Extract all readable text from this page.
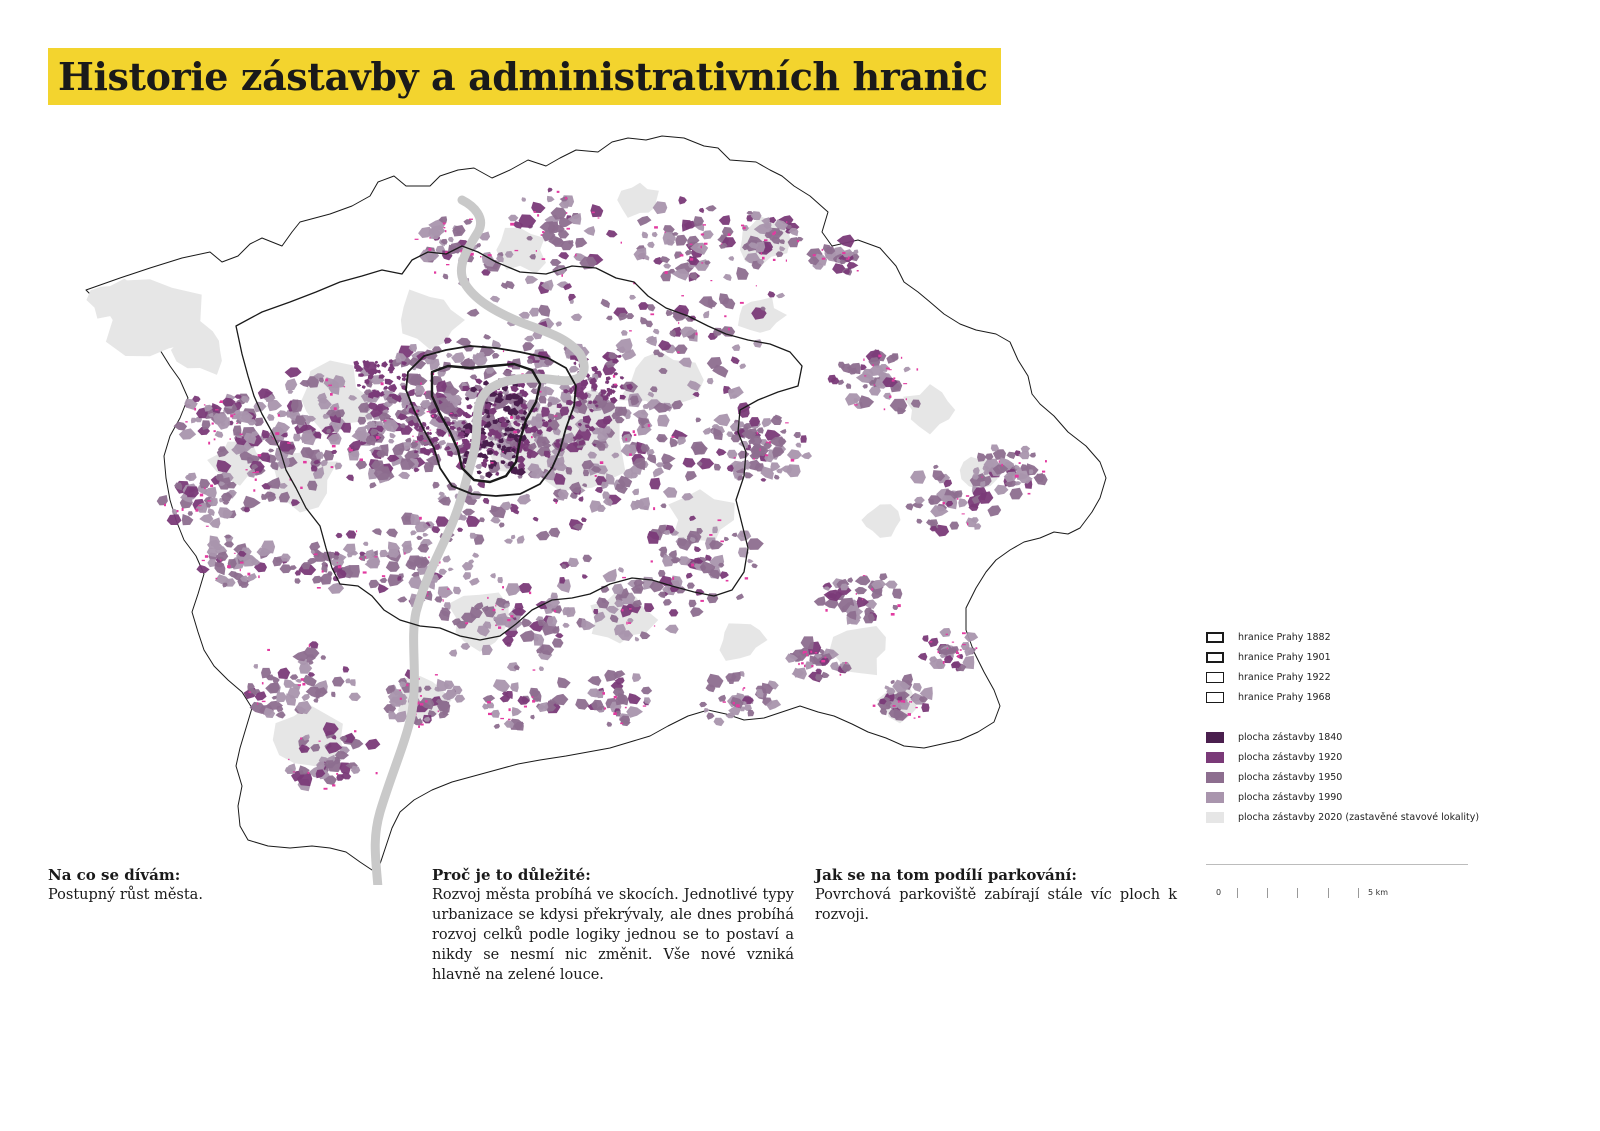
Historie zástavby a administrativních hranic
hranice Prahy 1882
hranice Prahy 1901
hranice Prahy 1922
hranice Prahy 1968
plocha zástavby 1840
plocha zástavby 1920
plocha zástavby 1950
plocha zástavby 1990
plocha zástavby 2020 (zastavěné stavové lokality)
0	5 km
Na co se dívám:

Postupný růst města.

Proč je to důležité:

Rozvoj města probíhá ve skocích. Jednotlivé typy urbanizace se kdysi překrývaly, ale dnes probíhá rozvoj celků podle logiky jednou se to postaví a nikdy se nesmí nic změnit. Vše nové vzniká hlavně na zelené louce.

Jak se na tom podílí parkování:

Povrchová parkoviště zabírají stále víc ploch k rozvoji.
